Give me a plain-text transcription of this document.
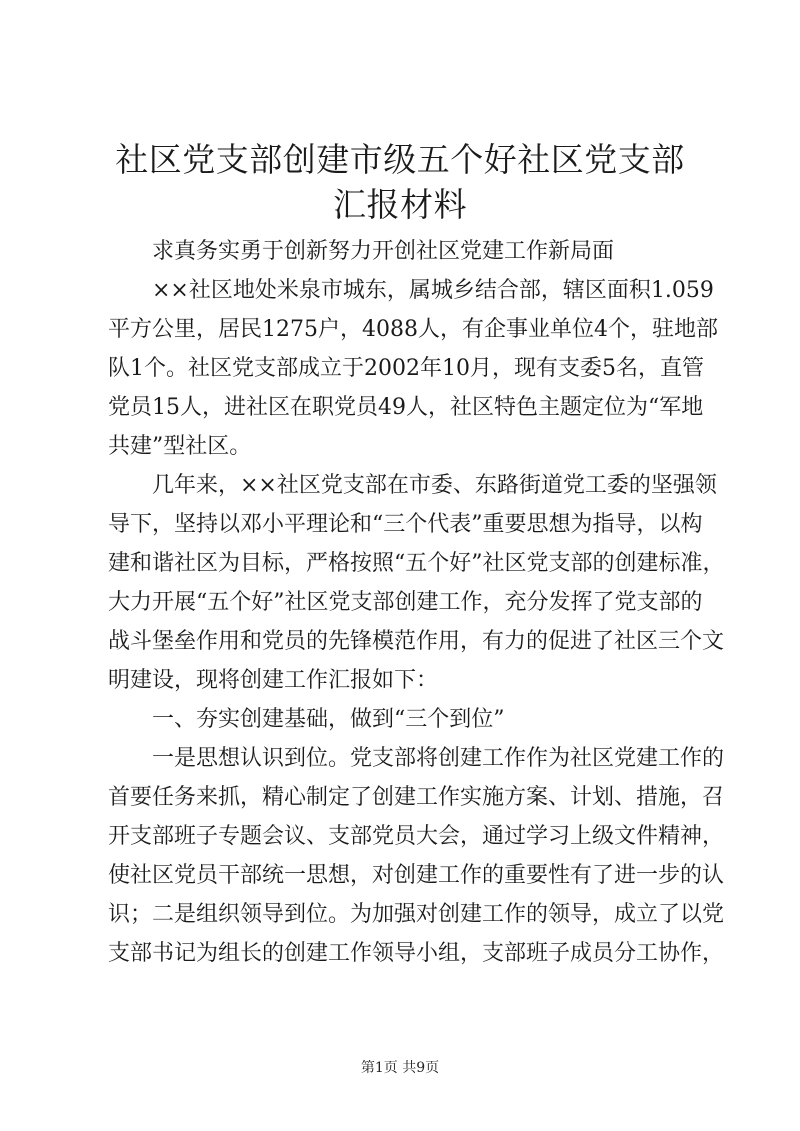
社区党支部创建市级五个好社区党支部汇报材料
求真务实勇于创新努力开创社区党建工作新局面
××社区地处米泉市城东，属城乡结合部，辖区面积1.059
平方公里，居民1275户，4088人，有企事业单位4个，驻地部
队1个。社区党支部成立于2002年10月，现有支委5名，直管
党员15人，进社区在职党员49人，社区特色主题定位为“军地
共建”型社区。
几年来，××社区党支部在市委、东路街道党工委的坚强领
导下，坚持以邓小平理论和“三个代表”重要思想为指导，以构
建和谐社区为目标，严格按照“五个好”社区党支部的创建标准，
大力开展“五个好”社区党支部创建工作，充分发挥了党支部的
战斗堡垒作用和党员的先锋模范作用，有力的促进了社区三个文
明建设，现将创建工作汇报如下：
一、夯实创建基础，做到“三个到位”
一是思想认识到位。党支部将创建工作作为社区党建工作的
首要任务来抓，精心制定了创建工作实施方案、计划、措施，召
开支部班子专题会议、支部党员大会，通过学习上级文件精神，
使社区党员干部统一思想，对创建工作的重要性有了进一步的认
识；二是组织领导到位。为加强对创建工作的领导，成立了以党
支部书记为组长的创建工作领导小组，支部班子成员分工协作，
第1页 共9页
